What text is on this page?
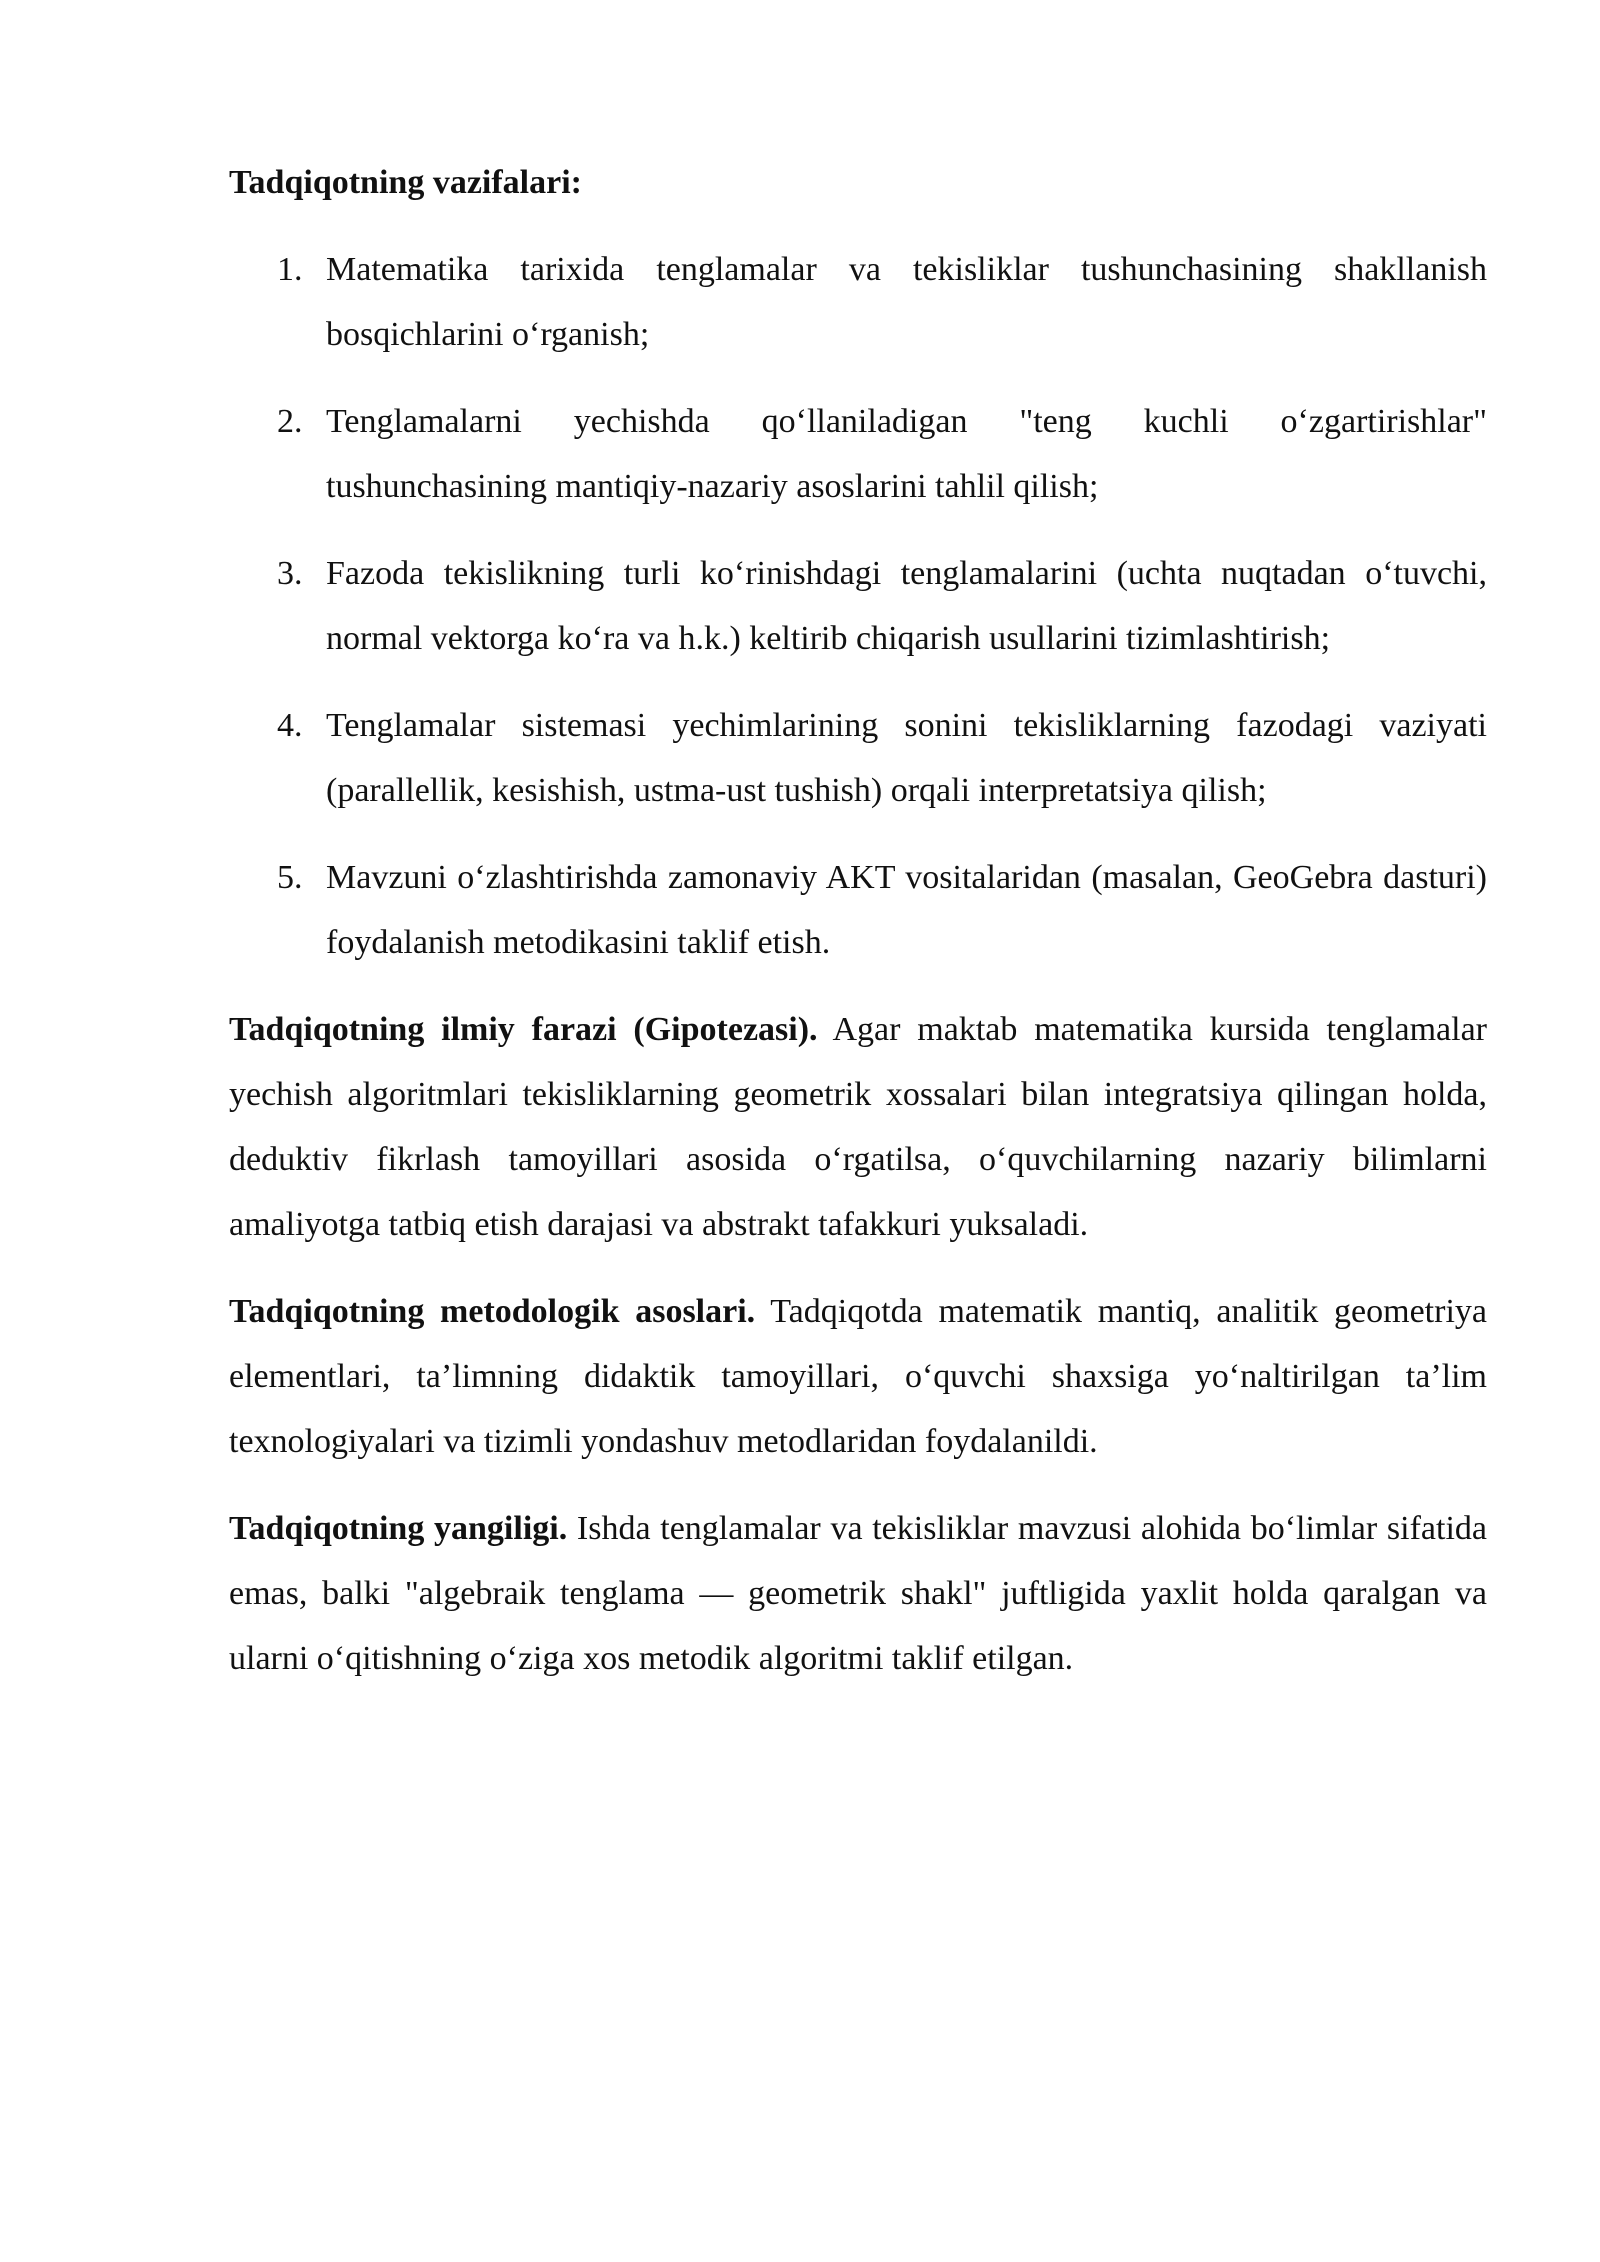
Tadqiqotning vazifalari:
1. Matematika tarixida tenglamalar va tekisliklar tushunchasining shakllanish bosqichlarini o‘rganish;
2. Tenglamalarni yechishda qo‘llaniladigan "teng kuchli o‘zgartirishlar" tushunchasining mantiqiy-nazariy asoslarini tahlil qilish;
3. Fazoda tekislikning turli ko‘rinishdagi tenglamalarini (uchta nuqtadan o‘tuvchi, normal vektorga ko‘ra va h.k.) keltirib chiqarish usullarini tizimlashtirish;
4. Tenglamalar sistemasi yechimlarining sonini tekisliklarning fazodagi vaziyati (parallellik, kesishish, ustma-ust tushish) orqali interpretatsiya qilish;
5. Mavzuni o‘zlashtirishda zamonaviy AKT vositalaridan (masalan, GeoGebra dasturi) foydalanish metodikasini taklif etish.

Tadqiqotning ilmiy farazi (Gipotezasi). Agar maktab matematika kursida tenglamalar yechish algoritmlari tekisliklarning geometrik xossalari bilan integratsiya qilingan holda, deduktiv fikrlash tamoyillari asosida o‘rgatilsa, o‘quvchilarning nazariy bilimlarni amaliyotga tatbiq etish darajasi va abstrakt tafakkuri yuksaladi.

Tadqiqotning metodologik asoslari. Tadqiqotda matematik mantiq, analitik geometriya elementlari, ta’limning didaktik tamoyillari, o‘quvchi shaxsiga yo‘naltirilgan ta’lim texnologiyalari va tizimli yondashuv metodlaridan foydalanildi.

Tadqiqotning yangiligi. Ishda tenglamalar va tekisliklar mavzusi alohida bo‘limlar sifatida emas, balki "algebraik tenglama — geometrik shakl" juftligida yaxlit holda qaralgan va ularni o‘qitishning o‘ziga xos metodik algoritmi taklif etilgan.
